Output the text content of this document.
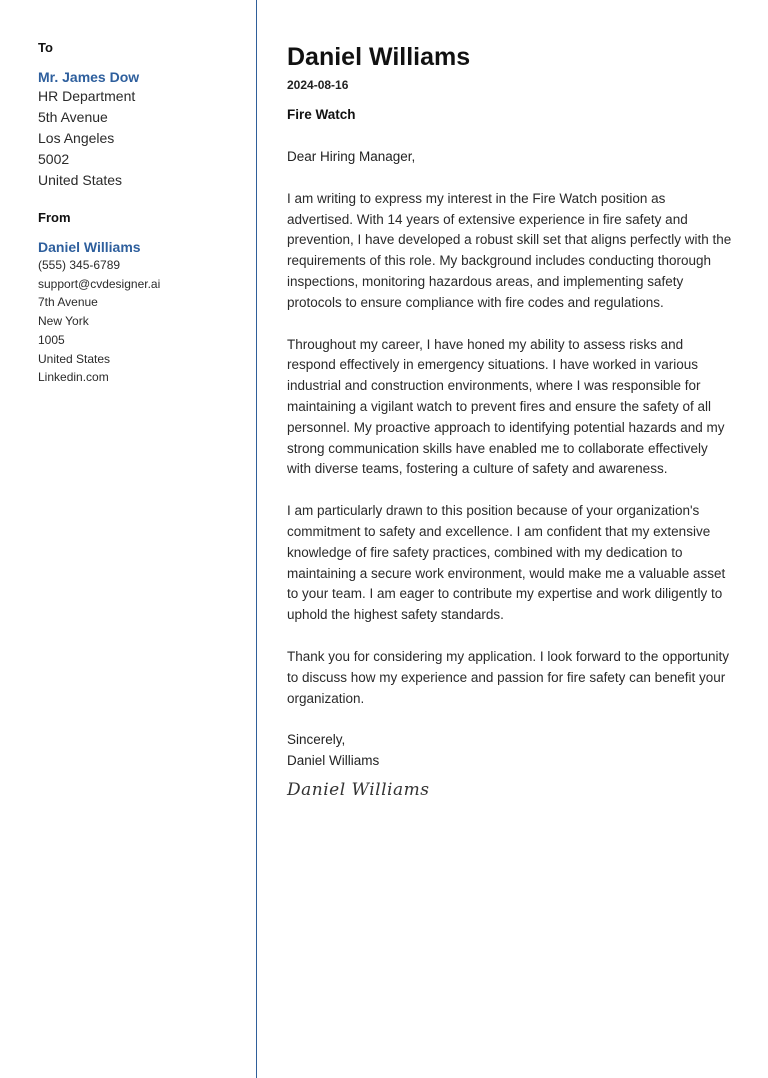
To
Mr. James Dow
HR Department
5th Avenue
Los Angeles
5002
United States
From
Daniel Williams
(555) 345-6789
support@cvdesigner.ai
7th Avenue
New York
1005
United States
Linkedin.com
Daniel Williams
2024-08-16
Fire Watch
Dear Hiring Manager,

I am writing to express my interest in the Fire Watch position as advertised. With 14 years of extensive experience in fire safety and prevention, I have developed a robust skill set that aligns perfectly with the requirements of this role. My background includes conducting thorough inspections, monitoring hazardous areas, and implementing safety protocols to ensure compliance with fire codes and regulations.

Throughout my career, I have honed my ability to assess risks and respond effectively in emergency situations. I have worked in various industrial and construction environments, where I was responsible for maintaining a vigilant watch to prevent fires and ensure the safety of all personnel. My proactive approach to identifying potential hazards and my strong communication skills have enabled me to collaborate effectively with diverse teams, fostering a culture of safety and awareness.

I am particularly drawn to this position because of your organization's commitment to safety and excellence. I am confident that my extensive knowledge of fire safety practices, combined with my dedication to maintaining a secure work environment, would make me a valuable asset to your team. I am eager to contribute my expertise and work diligently to uphold the highest safety standards.

Thank you for considering my application. I look forward to the opportunity to discuss how my experience and passion for fire safety can benefit your organization.

Sincerely,
Daniel Williams
Daniel Williams
